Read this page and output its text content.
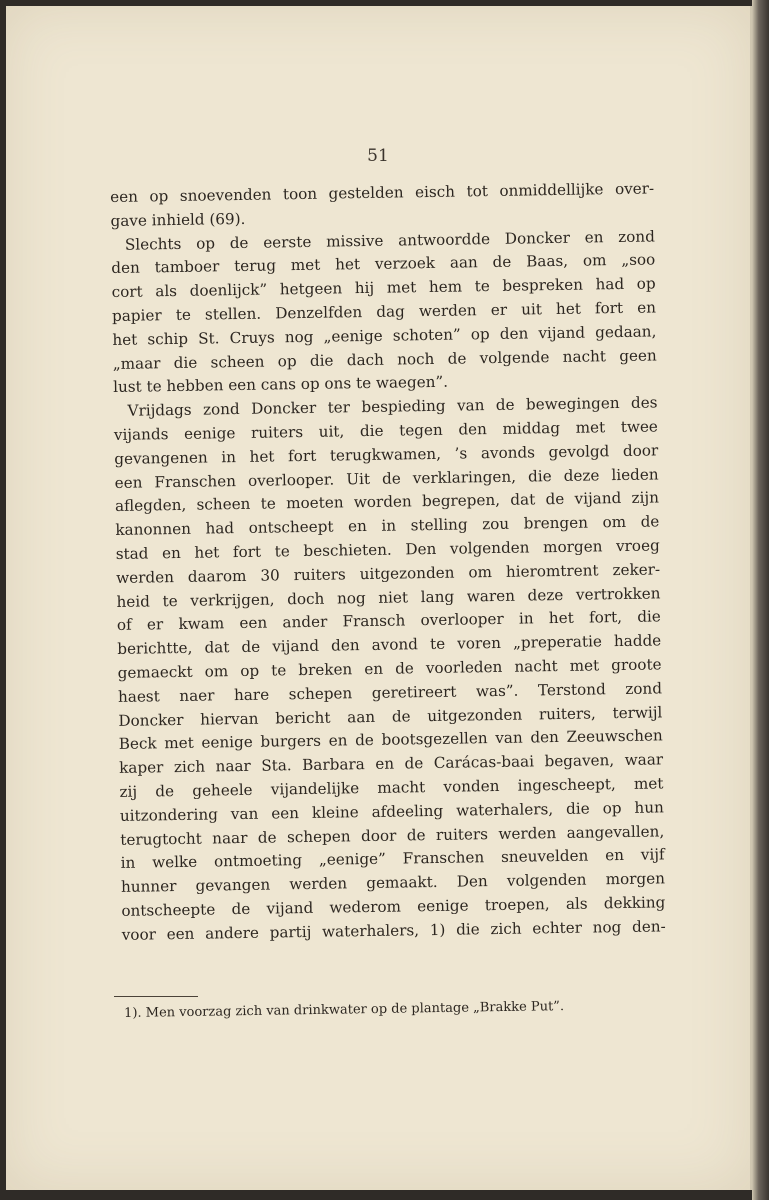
51
een op snoevenden toon gestelden eisch tot onmiddellijke over-
gave inhield (69).
Slechts op de eerste missive antwoordde Doncker en zond
den tamboer terug met het verzoek aan de Baas, om „soo
cort als doenlijck” hetgeen hij met hem te bespreken had op
papier te stellen. Denzelfden dag werden er uit het fort en
het schip St. Cruys nog „eenige schoten” op den vijand gedaan,
„maar die scheen op die dach noch de volgende nacht geen
lust te hebben een cans op ons te waegen”.
Vrijdags zond Doncker ter bespieding van de bewegingen des
vijands eenige ruiters uit, die tegen den middag met twee
gevangenen in het fort terugkwamen, ’s avonds gevolgd door
een Franschen overlooper. Uit de verklaringen, die deze lieden
aflegden, scheen te moeten worden begrepen, dat de vijand zijn
kanonnen had ontscheept en in stelling zou brengen om de
stad en het fort te beschieten. Den volgenden morgen vroeg
werden daarom 30 ruiters uitgezonden om hieromtrent zeker-
heid te verkrijgen, doch nog niet lang waren deze vertrokken
of er kwam een ander Fransch overlooper in het fort, die
berichtte, dat de vijand den avond te voren „preperatie hadde
gemaeckt om op te breken en de voorleden nacht met groote
haest naer hare schepen geretireert was”. Terstond zond
Doncker hiervan bericht aan de uitgezonden ruiters, terwijl
Beck met eenige burgers en de bootsgezellen van den Zeeuwschen
kaper zich naar Sta. Barbara en de Carácas-baai begaven, waar
zij de geheele vijandelijke macht vonden ingescheept, met
uitzondering van een kleine afdeeling waterhalers, die op hun
terugtocht naar de schepen door de ruiters werden aangevallen,
in welke ontmoeting „eenige” Franschen sneuvelden en vijf
hunner gevangen werden gemaakt. Den volgenden morgen
ontscheepte de vijand wederom eenige troepen, als dekking
voor een andere partij waterhalers, 1) die zich echter nog den-
1). Men voorzag zich van drinkwater op de plantage „Brakke Put”.
